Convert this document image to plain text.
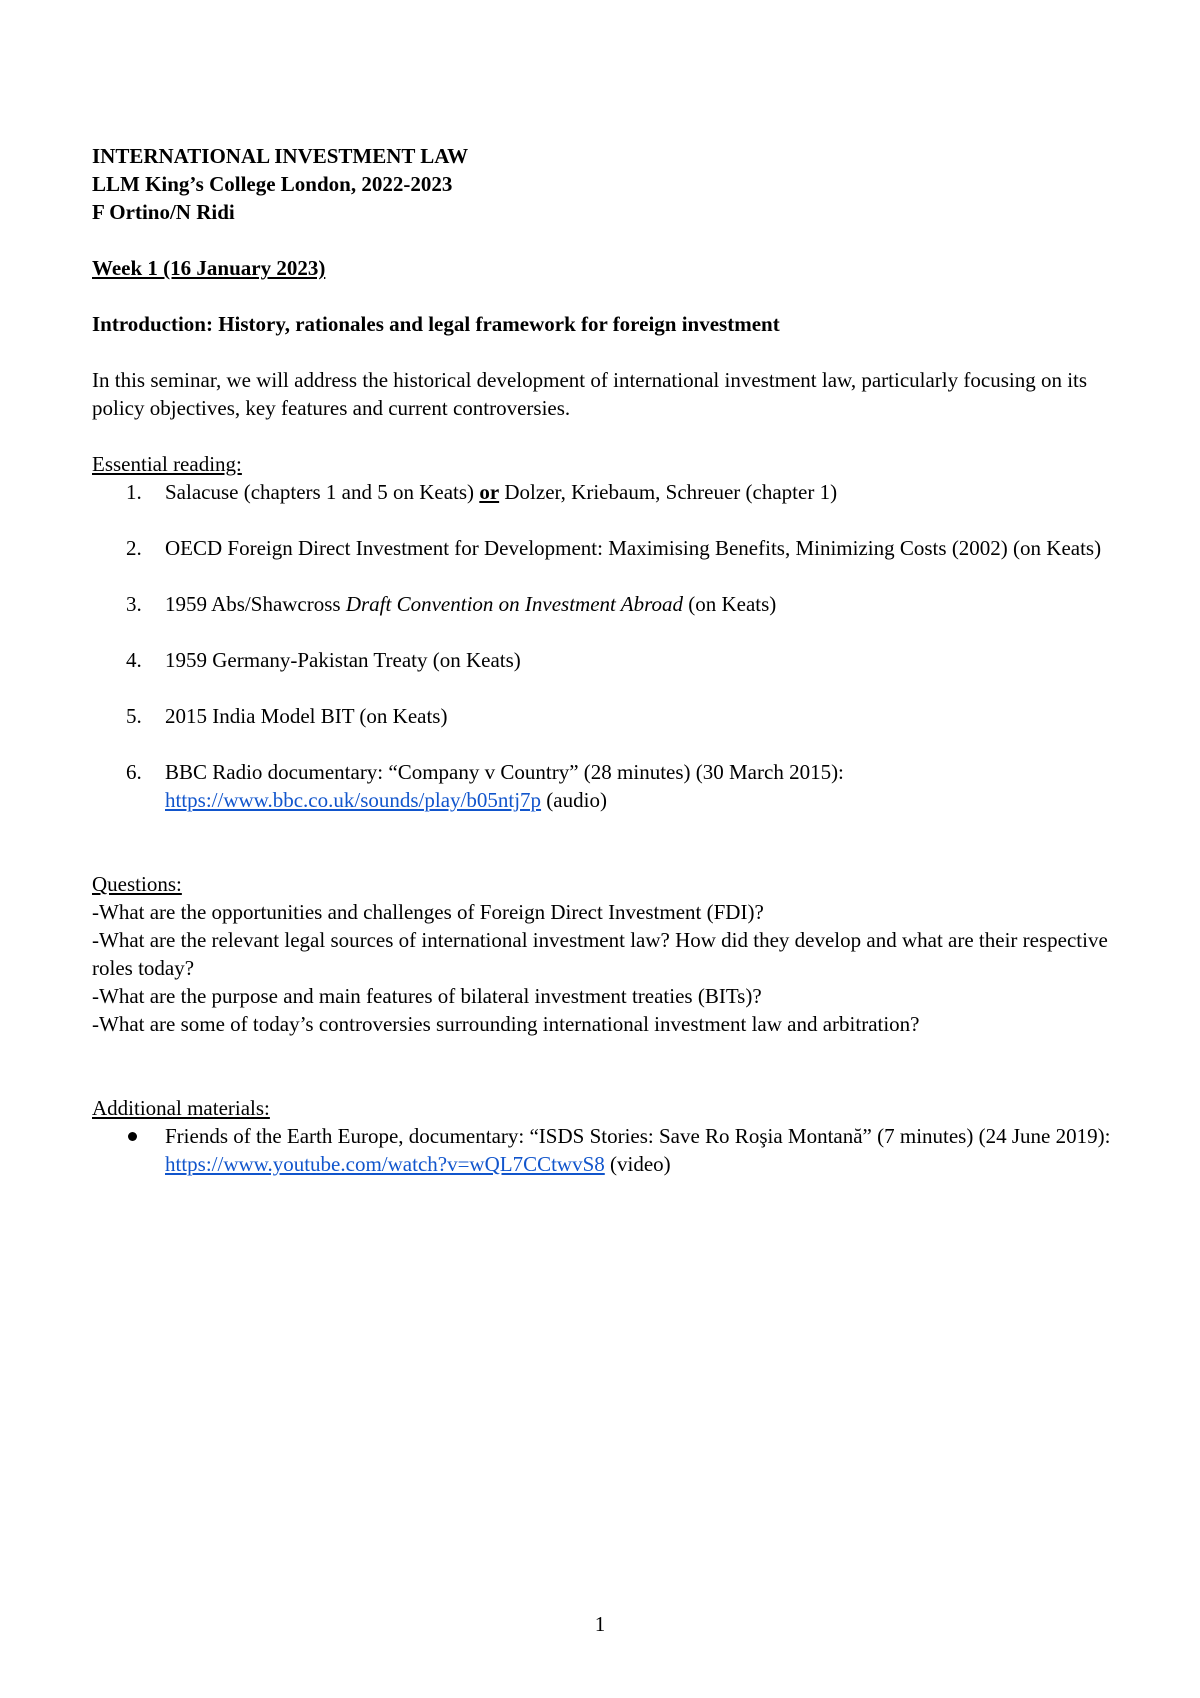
INTERNATIONAL INVESTMENT LAW
LLM King’s College London, 2022-2023
F Ortino/N Ridi
Week 1 (16 January 2023)
Introduction: History, rationales and legal framework for foreign investment
In this seminar, we will address the historical development of international investment law, particularly focusing on its policy objectives, key features and current controversies.
Essential reading:
1. Salacuse (chapters 1 and 5 on Keats) or Dolzer, Kriebaum, Schreuer (chapter 1)
2. OECD Foreign Direct Investment for Development: Maximising Benefits, Minimizing Costs (2002) (on Keats)
3. 1959 Abs/Shawcross Draft Convention on Investment Abroad (on Keats)
4. 1959 Germany-Pakistan Treaty (on Keats)
5. 2015 India Model BIT (on Keats)
6. BBC Radio documentary: “Company v Country” (28 minutes) (30 March 2015):
https://www.bbc.co.uk/sounds/play/b05ntj7p (audio)
Questions:
-What are the opportunities and challenges of Foreign Direct Investment (FDI)?
-What are the relevant legal sources of international investment law? How did they develop and what are their respective roles today?
-What are the purpose and main features of bilateral investment treaties (BITs)?
-What are some of today’s controversies surrounding international investment law and arbitration?
Additional materials:
Friends of the Earth Europe, documentary: “ISDS Stories: Save Ro Roşia Montană” (7 minutes) (24 June 2019): https://www.youtube.com/watch?v=wQL7CCtwvS8 (video)
1
